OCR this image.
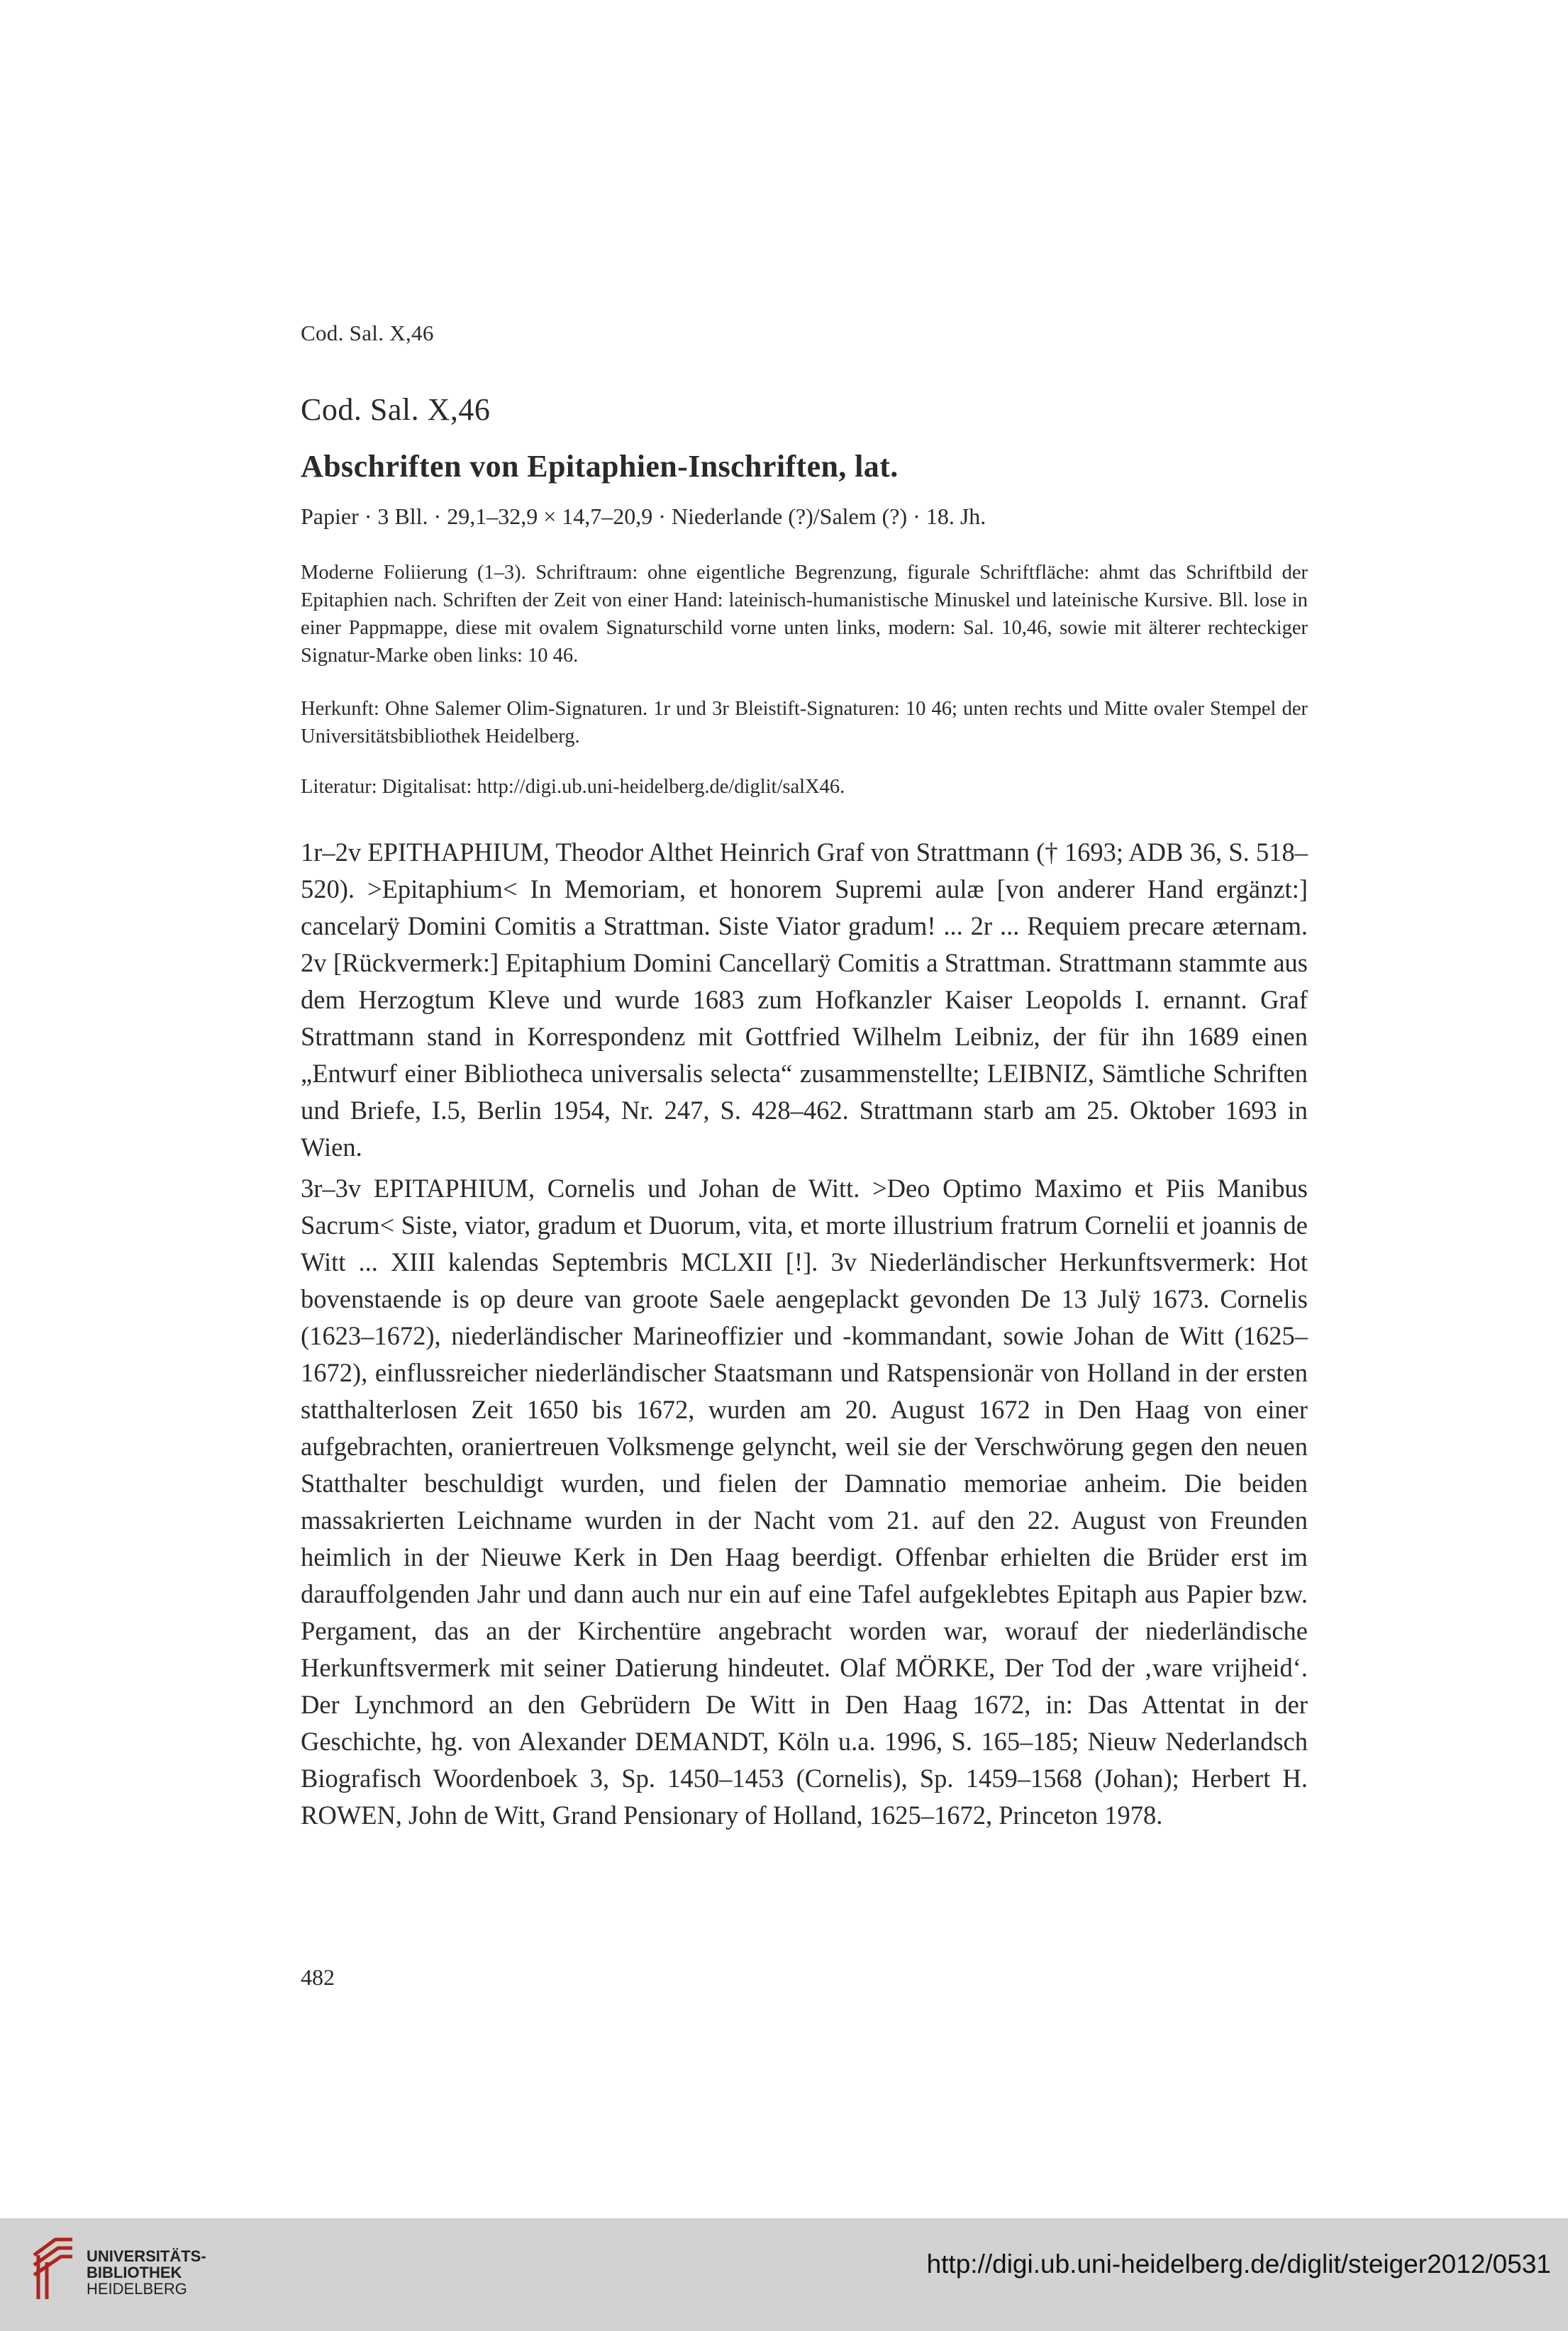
Cod. Sal. X,46
Cod. Sal. X,46
Abschriften von Epitaphien-Inschriften, lat.
Papier · 3 Bll. · 29,1–32,9 × 14,7–20,9 · Niederlande (?)/Salem (?) · 18. Jh.

Moderne Foliierung (1–3). Schriftraum: ohne eigentliche Begrenzung, figurale Schriftfläche: ahmt das Schriftbild der Epitaphien nach. Schriften der Zeit von einer Hand: lateinisch-humanistische Minuskel und lateinische Kursive. Bll. lose in einer Pappmappe, diese mit ovalem Signaturschild vorne unten links, modern: Sal. 10,46, sowie mit älterer rechteckiger Signatur-Marke oben links: 10 46.

Herkunft: Ohne Salemer Olim-Signaturen. 1r und 3r Bleistift-Signaturen: 10 46; unten rechts und Mitte ovaler Stempel der Universitätsbibliothek Heidelberg.

Literatur: Digitalisat: http://digi.ub.uni-heidelberg.de/diglit/salX46.

1r–2v EPITHAPHIUM, Theodor Althet Heinrich Graf von Strattmann († 1693; ADB 36, S. 518–520). >Epitaphium< In Memoriam, et honorem Supremi aulæ [von anderer Hand ergänzt:] cancelarÿ Domini Comitis a Strattman. Siste Viator gradum! ... 2r ... Requiem precare æternam. 2v [Rückvermerk:] Epitaphium Domini Cancellarÿ Comitis a Strattman. Strattmann stammte aus dem Herzogtum Kleve und wurde 1683 zum Hofkanzler Kaiser Leopolds I. ernannt. Graf Strattmann stand in Korrespondenz mit Gottfried Wilhelm Leibniz, der für ihn 1689 einen „Entwurf einer Bibliotheca universalis selecta“ zusammenstellte; LEIBNIZ, Sämtliche Schriften und Briefe, I.5, Berlin 1954, Nr. 247, S. 428–462. Strattmann starb am 25. Oktober 1693 in Wien.

3r–3v EPITAPHIUM, Cornelis und Johan de Witt. >Deo Optimo Maximo et Piis Manibus Sacrum< Siste, viator, gradum et Duorum, vita, et morte illustrium fratrum Cornelii et joannis de Witt ... XIII kalendas Septembris MCLXII [!]. 3v Niederländischer Herkunftsvermerk: Hot bovenstaende is op deure van groote Saele aengeplackt gevonden De 13 Julÿ 1673. Cornelis (1623–1672), niederländischer Marineoffizier und -kommandant, sowie Johan de Witt (1625–1672), einflussreicher niederländischer Staatsmann und Ratspensionär von Holland in der ersten statthalterlosen Zeit 1650 bis 1672, wurden am 20. August 1672 in Den Haag von einer aufgebrachten, oraniertreuen Volksmenge gelyncht, weil sie der Verschwörung gegen den neuen Statthalter beschuldigt wurden, und fielen der Damnatio memoriae anheim. Die beiden massakrierten Leichname wurden in der Nacht vom 21. auf den 22. August von Freunden heimlich in der Nieuwe Kerk in Den Haag beerdigt. Offenbar erhielten die Brüder erst im darauffolgenden Jahr und dann auch nur ein auf eine Tafel aufgeklebtes Epitaph aus Papier bzw. Pergament, das an der Kirchentüre angebracht worden war, worauf der niederländische Herkunftsvermerk mit seiner Datierung hindeutet. Olaf MÖRKE, Der Tod der ‚ware vrijheid‘. Der Lynchmord an den Gebrüdern De Witt in Den Haag 1672, in: Das Attentat in der Geschichte, hg. von Alexander DEMANDT, Köln u.a. 1996, S. 165–185; Nieuw Nederlandsch Biografisch Woordenboek 3, Sp. 1450–1453 (Cornelis), Sp. 1459–1568 (Johan); Herbert H. ROWEN, John de Witt, Grand Pensionary of Holland, 1625–1672, Princeton 1978.

482
UNIVERSITÄTS-
BIBLIOTHEK
HEIDELBERG
http://digi.ub.uni-heidelberg.de/diglit/steiger2012/0531
